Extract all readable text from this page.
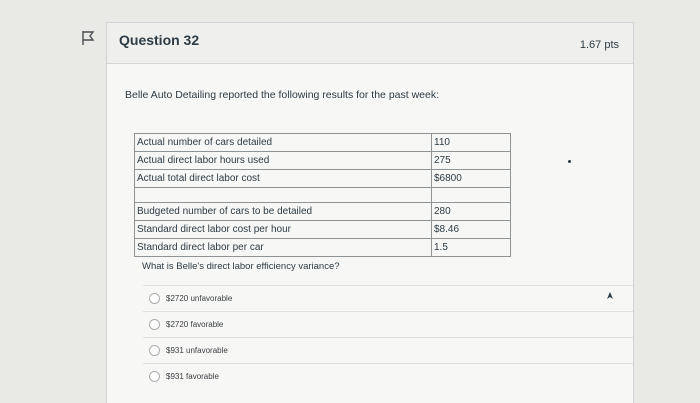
Question 32	1.67 pts
Belle Auto Detailing reported the following results for the past week:
Actual number of cars detailed	110
Actual direct labor hours used	275
Actual total direct labor cost	$6800

Budgeted number of cars to be detailed	280
Standard direct labor cost per hour	$8.46
Standard direct labor per car	1.5
What is Belle's direct labor efficiency variance?
$2720 unfavorable
$2720 favorable
$931 unfavorable
$931 favorable
